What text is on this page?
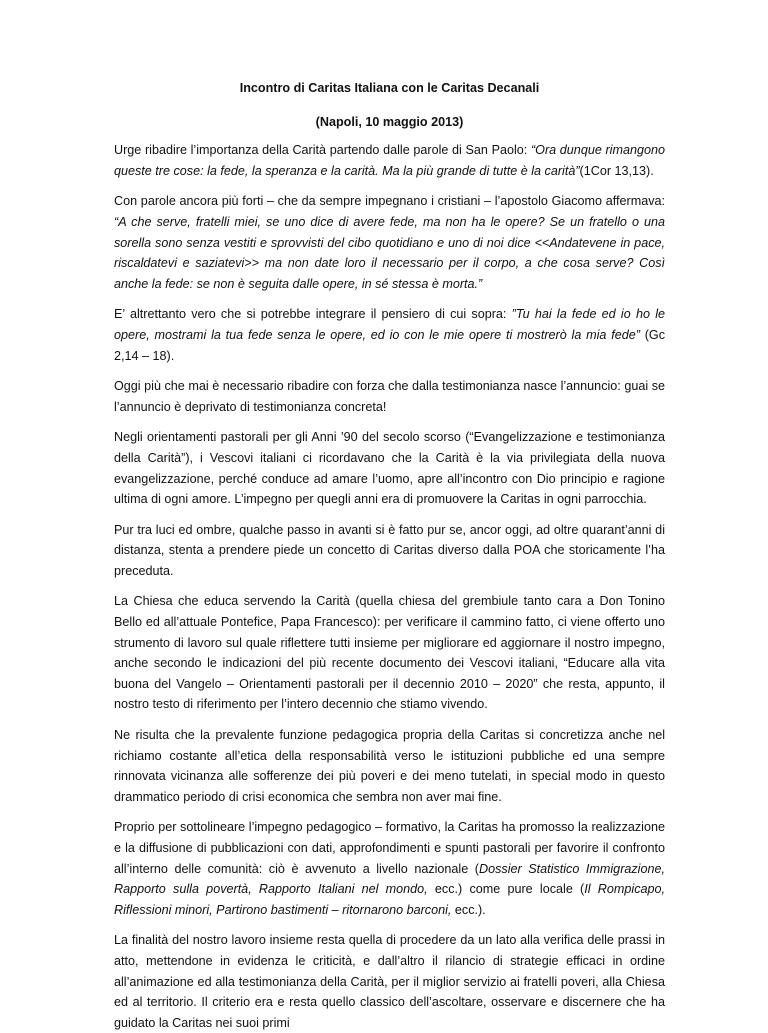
Incontro di Caritas Italiana con le Caritas Decanali

(Napoli, 10 maggio 2013)

Urge ribadire l’importanza della Carità partendo dalle parole di San Paolo: “Ora dunque rimangono queste tre cose: la fede, la speranza e la carità. Ma la più grande di tutte è la carità”(1Cor 13,13).

Con parole ancora più forti – che da sempre impegnano i cristiani – l’apostolo Giacomo affermava: “A che serve, fratelli miei, se uno dice di avere fede, ma non ha le opere? Se un fratello o una sorella sono senza vestiti e sprovvisti del cibo quotidiano e uno di noi dice <<Andatevene in pace, riscaldatevi e saziatevi>> ma non date loro il necessario per il corpo, a che cosa serve? Così anche la fede: se non è seguita dalle opere, in sé stessa è morta.”

E’ altrettanto vero che si potrebbe integrare il pensiero di cui sopra: ”Tu hai la fede ed io ho le opere, mostrami la tua fede senza le opere, ed io con le mie opere ti mostrerò la mia fede” (Gc 2,14 – 18).

Oggi più che mai è necessario ribadire con forza che dalla testimonianza nasce l’annuncio: guai se l’annuncio è deprivato di testimonianza concreta!

Negli orientamenti pastorali per gli Anni ’90 del secolo scorso (“Evangelizzazione e testimonianza della Carità”), i Vescovi italiani ci ricordavano che la Carità è la via privilegiata della nuova evangelizzazione, perché conduce ad amare l’uomo, apre all’incontro con Dio principio e ragione ultima di ogni amore. L’impegno per quegli anni era di promuovere la Caritas in ogni parrocchia.

Pur tra luci ed ombre, qualche passo in avanti si è fatto pur se, ancor oggi, ad oltre quarant’anni di distanza, stenta a prendere piede un concetto di Caritas diverso dalla POA che storicamente l’ha preceduta.

La Chiesa che educa servendo la Carità (quella chiesa del grembiule tanto cara a Don Tonino Bello ed all’attuale Pontefice, Papa Francesco): per verificare il cammino fatto, ci viene offerto uno strumento di lavoro sul quale riflettere tutti insieme per migliorare ed aggiornare il nostro impegno, anche secondo le indicazioni del più recente documento dei Vescovi italiani, “Educare alla vita buona del Vangelo – Orientamenti pastorali per il decennio 2010 – 2020” che resta, appunto, il nostro testo di riferimento per l’intero decennio che stiamo vivendo.

Ne risulta che la prevalente funzione pedagogica propria della Caritas si concretizza anche nel richiamo costante all’etica della responsabilità verso le istituzioni pubbliche ed una sempre rinnovata vicinanza alle sofferenze dei più poveri e dei meno tutelati, in special modo in questo drammatico periodo di crisi economica che sembra non aver mai fine.

Proprio per sottolineare l’impegno pedagogico – formativo, la Caritas ha promosso la realizzazione e la diffusione di pubblicazioni con dati, approfondimenti e spunti pastorali per favorire il confronto all’interno delle comunità: ciò è avvenuto a livello nazionale (Dossier Statistico Immigrazione, Rapporto sulla povertà, Rapporto Italiani nel mondo, ecc.) come pure locale (Il Rompicapo, Riflessioni minori, Partirono bastimenti – ritornarono barconi, ecc.).

La finalità del nostro lavoro insieme resta quella di procedere da un lato alla verifica delle prassi in atto, mettendone in evidenza le criticità, e dall’altro il rilancio di strategie efficaci in ordine all’animazione ed alla testimonianza della Carità, per il miglior servizio ai fratelli poveri, alla Chiesa ed al territorio. Il criterio era e resta quello classico dell’ascoltare, osservare e discernere che ha guidato la Caritas nei suoi primi
